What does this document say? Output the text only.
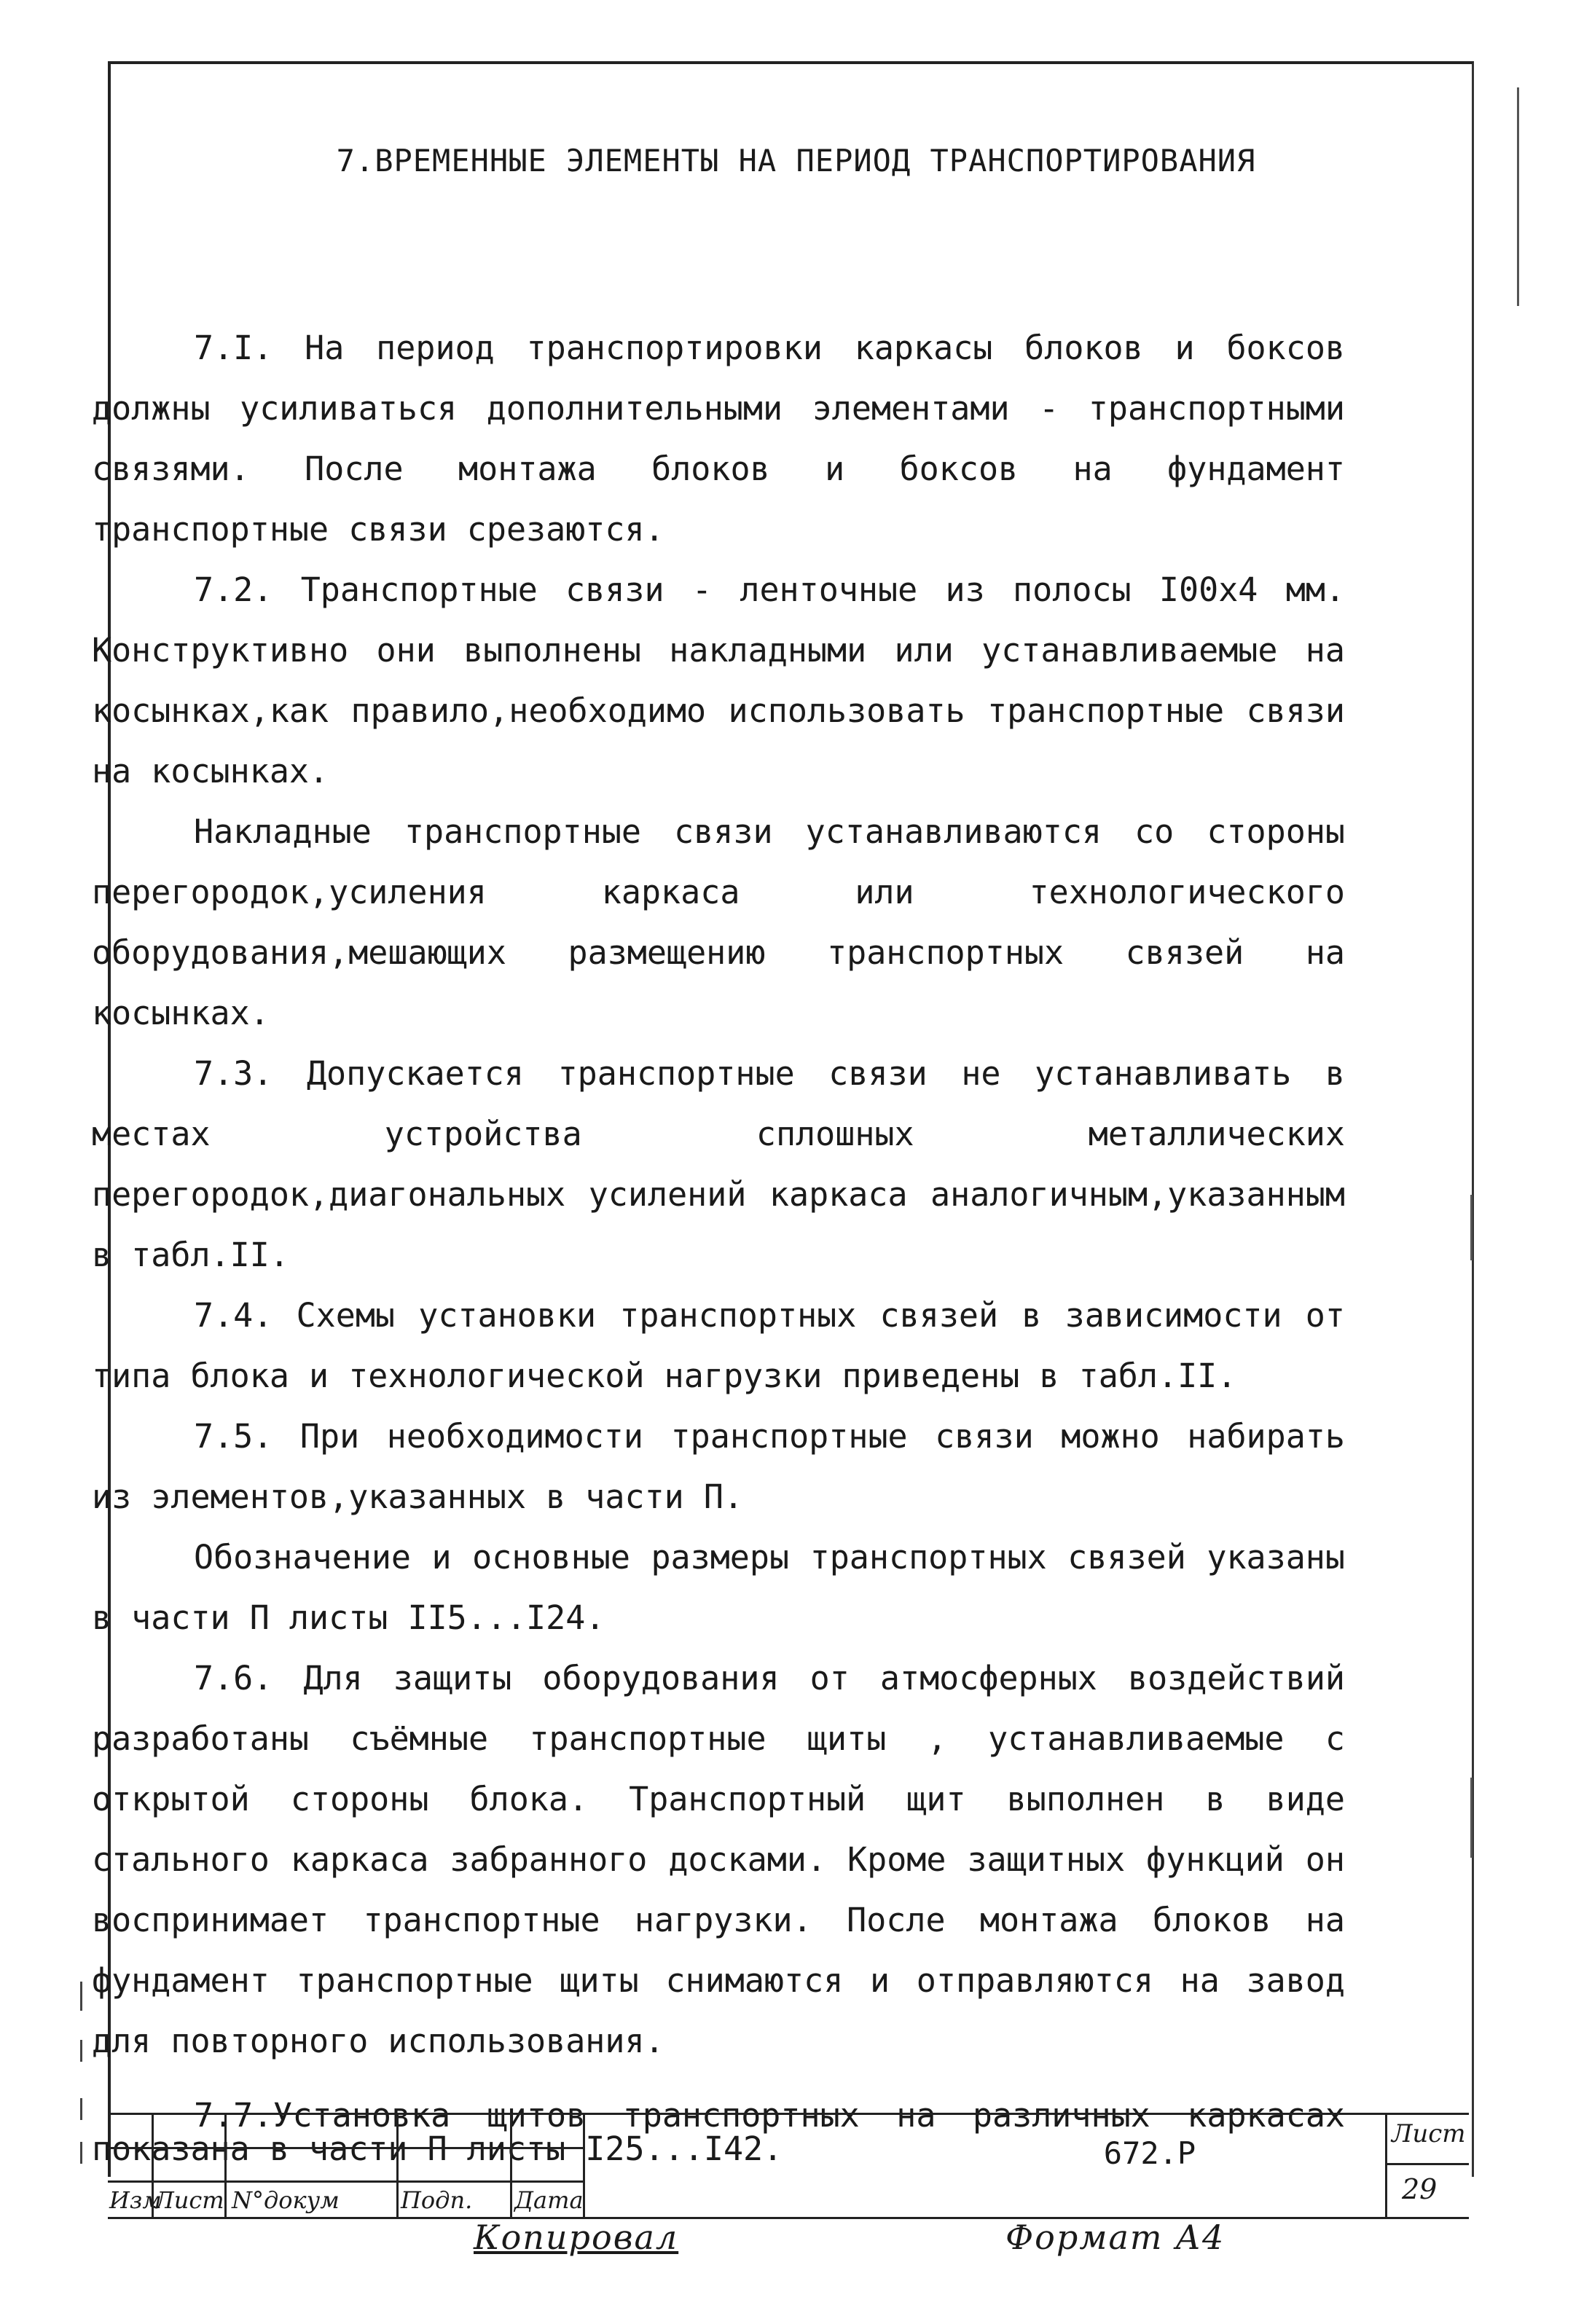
7.ВРЕМЕННЫЕ ЭЛЕМЕНТЫ НА ПЕРИОД ТРАНСПОРТИРОВАНИЯ

7.I. На период транспортировки каркасы блоков и боксов должны усиливаться дополнительными элементами - транспортными связями. После монтажа блоков и боксов на фундамент транспортные связи срезаются.

7.2. Транспортные связи - ленточные из полосы I00х4 мм. Конструктивно они выполнены накладными или устанавливаемые на косынках,как правило,необходимо использовать транспортные связи на косынках.

Накладные транспортные связи устанавливаются со стороны перегородок,усиления каркаса или технологического оборудования,мешающих размещению транспортных связей на косынках.

7.3. Допускается транспортные связи не устанавливать в местах устройства сплошных металлических перегородок,диагональных усилений каркаса аналогичным,указанным в табл.II.

7.4. Схемы установки транспортных связей в зависимости от типа блока и технологической нагрузки приведены в табл.II.

7.5. При необходимости транспортные связи можно набирать из элементов,указанных в части П.

Обозначение и основные размеры транспортных связей указаны в части П листы II5...I24.

7.6. Для защиты оборудования от атмосферных воздействий разработаны съёмные транспортные щиты , устанавливаемые с открытой стороны блока. Транспортный щит выполнен в виде стального каркаса забранного досками. Кроме защитных функций он воспринимает транспортные нагрузки. После монтажа блоков на фундамент транспортные щиты снимаются и отправляются на завод для повторного использования.

7.7.Установка щитов транспортных на различных каркасах показана в части П листы I25...I42.

Изм
Лист N°докум	Подп. Дата
672.Р
Лист
29
Копировал	Формат А4
